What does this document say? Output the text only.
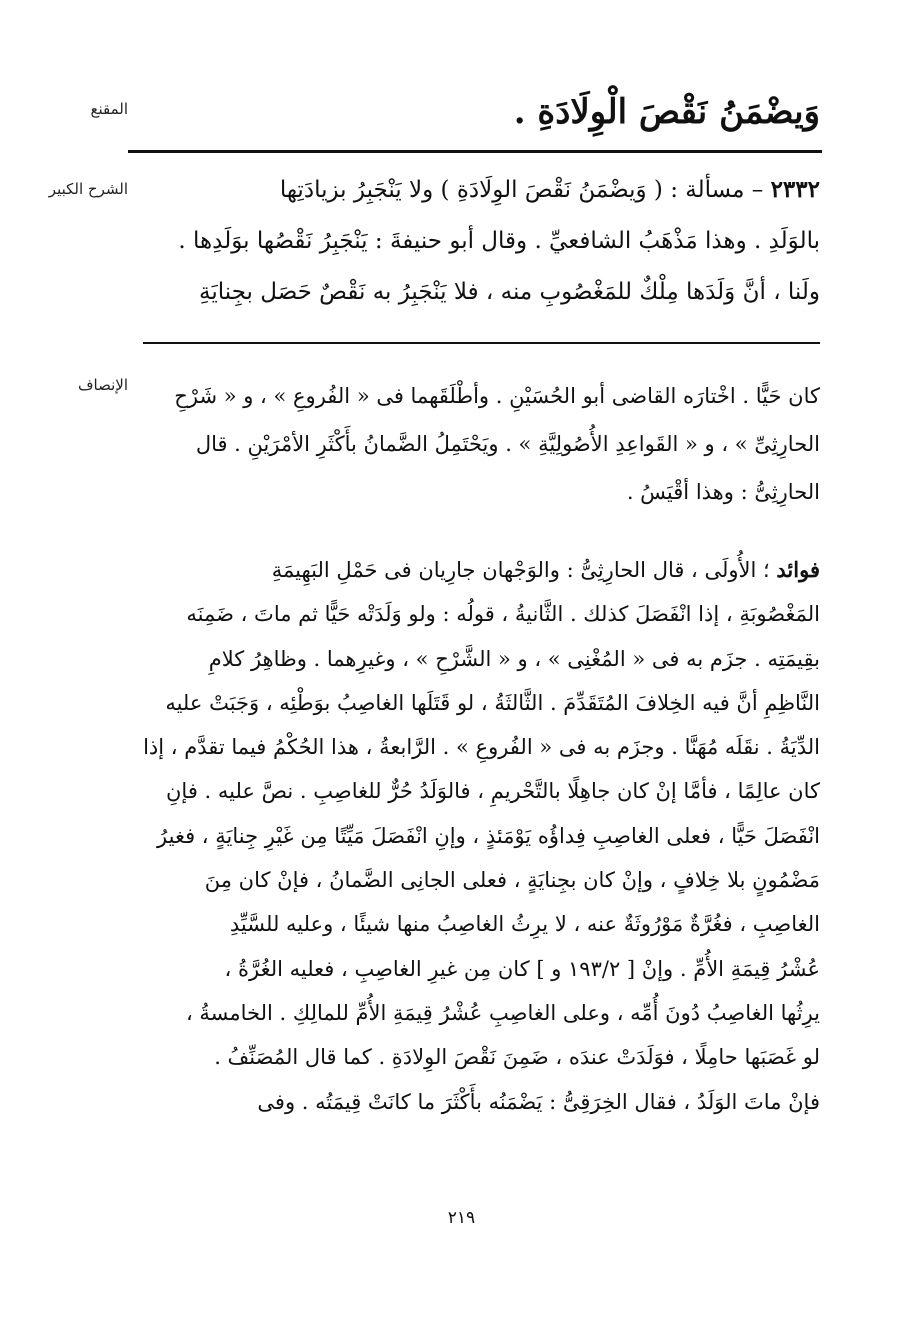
المقنع	وَيضْمَنُ نَقْصَ الْوِلَادَةِ .

الشرح الكبير	٢٣٣٢ – مسألة : ( وَيضْمَنُ نَقْصَ الوِلَادَةِ ) ولا يَنْجَبِرُ بزيادَتِها

بالوَلَدِ . وهذا مَذْهَبُ الشافعيِّ . وقال أبو حنيفةَ : يَنْجَبِرُ نَقْصُها بوَلَدِها .

ولَنا ، أنَّ وَلَدَها مِلْكٌ للمَغْصُوبِ منه ، فلا يَنْجَبِرُ به نَقْصٌ حَصَل بجِنايَةِ

الإنصاف	كان حَيًّا . اخْتارَه القاضى أبو الحُسَيْنِ . وأطْلَقَهما فى « الفُروعِ » ، و « شَرْحِ

الحارِثِىِّ » ، و « القَواعِدِ الأُصُولِيَّةِ » . ويَحْتَمِلُ الضَّمانُ بأَكْثَرِ الأمْرَيْنِ . قال

الحارِثِىُّ : وهذا أقْيَسُ .

فوائد ؛ الأُولَى ، قال الحارِثِىُّ : والوَجْهان جارِيان فى حَمْلِ البَهِيمَةِ

المَغْصُوبَةِ ، إذا انْفَصَلَ كذلك . الثَّانيةُ ، قولُه : ولو وَلَدَتْه حَيًّا ثم ماتَ ، ضَمِنَه

بقِيمَتِه . جزَم به فى « المُغْنِى » ، و « الشَّرْحِ » ، وغيرِهما . وظاهِرُ كلامِ

النَّاظِمِ أنَّ فيه الخِلافَ المُتَقَدِّمَ . الثَّالثَةُ ، لو قَتَلَها الغاصِبُ بوَطْئِه ، وَجَبَتْ عليه

الدِّيَةُ . نقَلَه مُهَنَّا . وجزَم به فى « الفُروعِ » . الرَّابعةُ ، هذا الحُكْمُ فيما تقدَّم ، إذا

كان عالِمًا ، فأمَّا إنْ كان جاهِلًا بالتَّحْريمِ ، فالوَلَدُ حُرٌّ للغاصِبِ . نصَّ عليه . فإنِ

انْفَصَلَ حَيًّا ، فعلى الغاصِبِ فِداؤُه يَوْمَئذٍ ، وإنِ انْفَصَلَ مَيِّتًا مِن غَيْرِ جِنايَةٍ ، فغيرُ

مَضْمُونٍ بلا خِلافٍ ، وإنْ كان بجِنايَةٍ ، فعلى الجانِى الضَّمانُ ، فإنْ كان مِنَ

الغاصِبِ ، فغُرَّةٌ مَوْرُوثَةٌ عنه ، لا يرِثُ الغاصِبُ منها شيئًا ، وعليه للسَّيِّدِ

عُشْرُ قِيمَةِ الأُمِّ . وإنْ [ ١٩٣/٢ و ] كان مِن غيرِ الغاصِبِ ، فعليه الغُرَّةُ ،

يرِثُها الغاصِبُ دُونَ أُمِّه ، وعلى الغاصِبِ عُشْرُ قِيمَةِ الأُمِّ للمالِكِ . الخامسةُ ،

لو غَصَبَها حامِلًا ، فوَلَدَتْ عندَه ، ضَمِنَ نَقْصَ الوِلادَةِ . كما قال المُصَنِّفُ .

فإنْ ماتَ الوَلَدُ ، فقال الخِرَقِىُّ : يَضْمَنُه بأَكْثَرَ ما كانَتْ قِيمَتُه . وفى

٢١٩
